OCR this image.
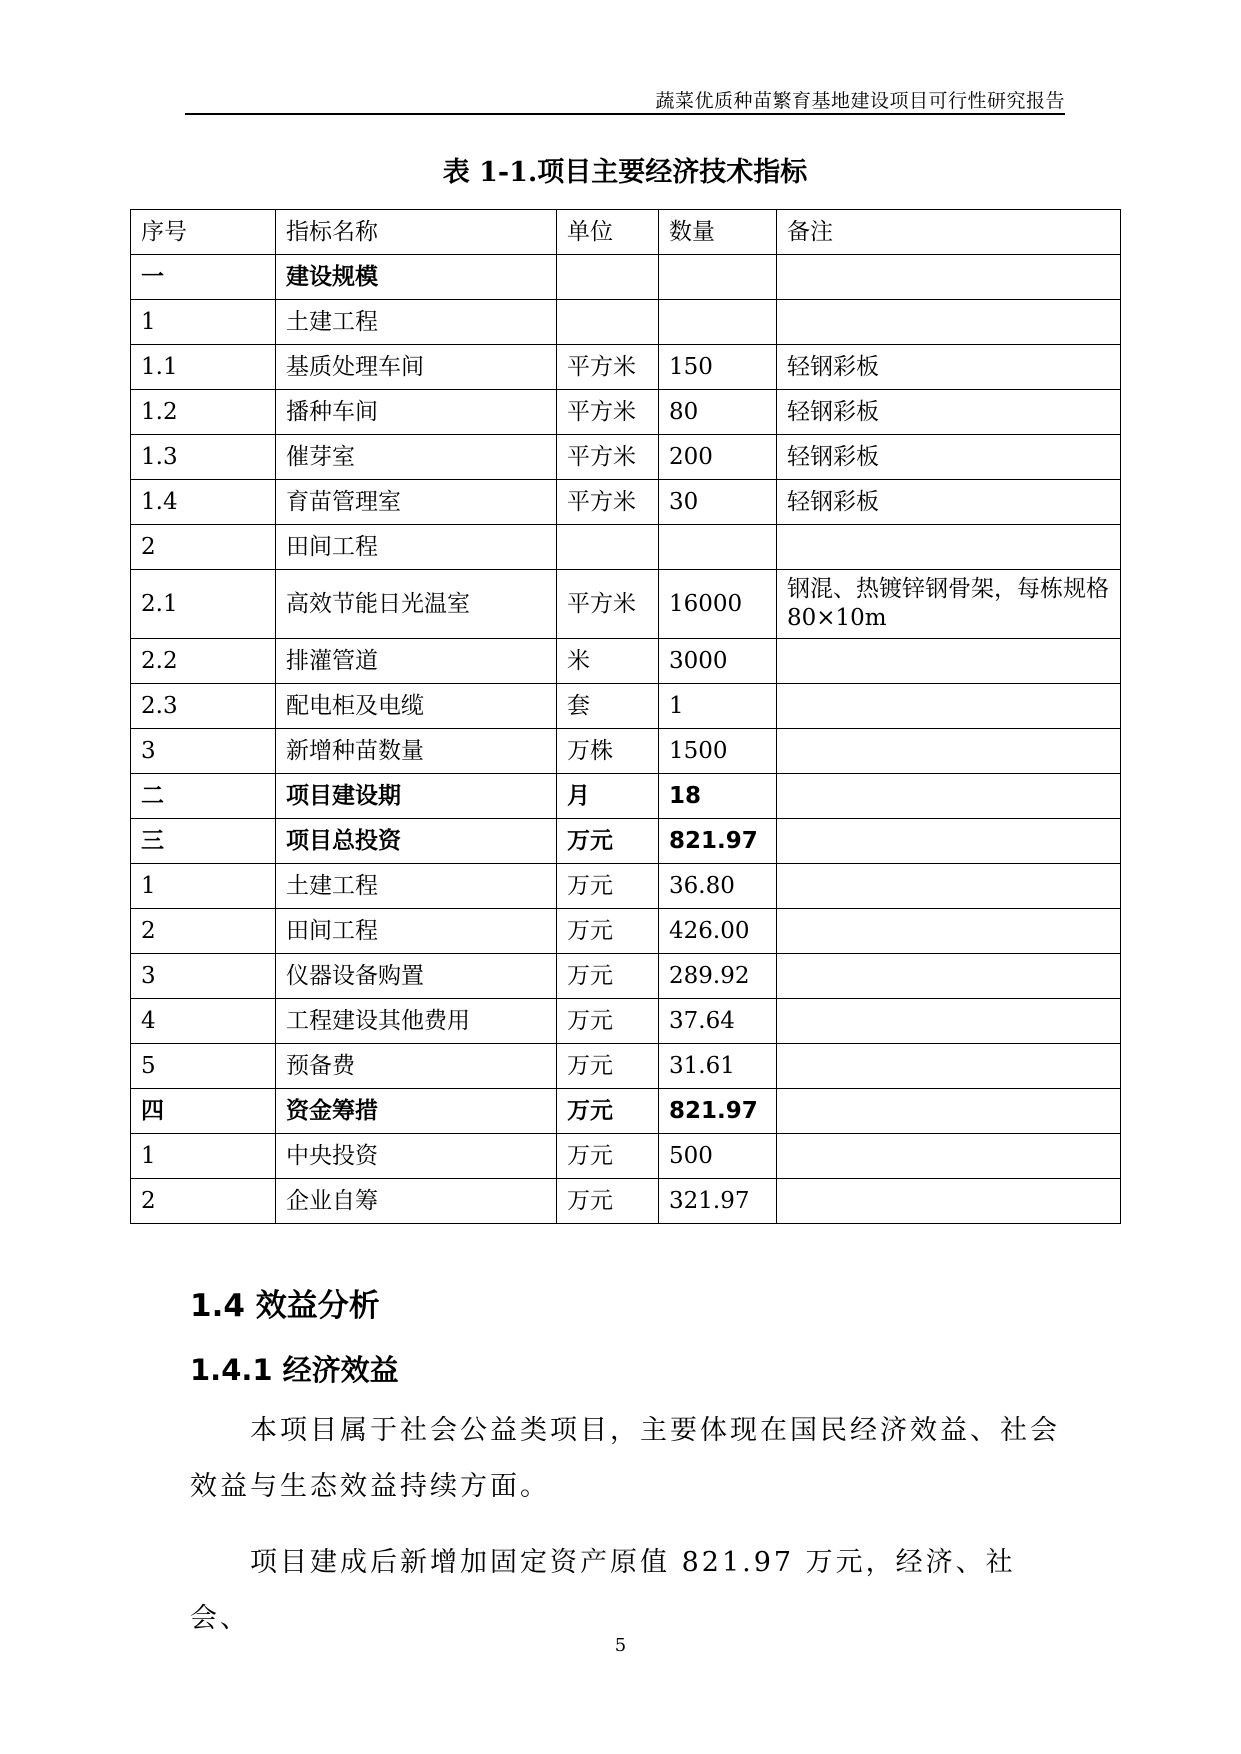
蔬菜优质种苗繁育基地建设项目可行性研究报告
表 1-1.项目主要经济技术指标
序号	指标名称	单位	数量	备注
一	建设规模			
1	土建工程			
1.1	基质处理车间	平方米	150	轻钢彩板
1.2	播种车间	平方米	80	轻钢彩板
1.3	催芽室	平方米	200	轻钢彩板
1.4	育苗管理室	平方米	30	轻钢彩板
2	田间工程			
2.1	高效节能日光温室	平方米	16000	钢混、热镀锌钢骨架，每栋规格 80×10m
2.2	排灌管道	米	3000	
2.3	配电柜及电缆	套	1	
3	新增种苗数量	万株	1500	
二	项目建设期	月	18	
三	项目总投资	万元	821.97	
1	土建工程	万元	36.80	
2	田间工程	万元	426.00	
3	仪器设备购置	万元	289.92	
4	工程建设其他费用	万元	37.64	
5	预备费	万元	31.61	
四	资金筹措	万元	821.97	
1	中央投资	万元	500	
2	企业自筹	万元	321.97	
1.4 效益分析
1.4.1 经济效益

本项目属于社会公益类项目，主要体现在国民经济效益、社会效益与生态效益持续方面。

项目建成后新增加固定资产原值 821.97 万元，经济、社会、

5
